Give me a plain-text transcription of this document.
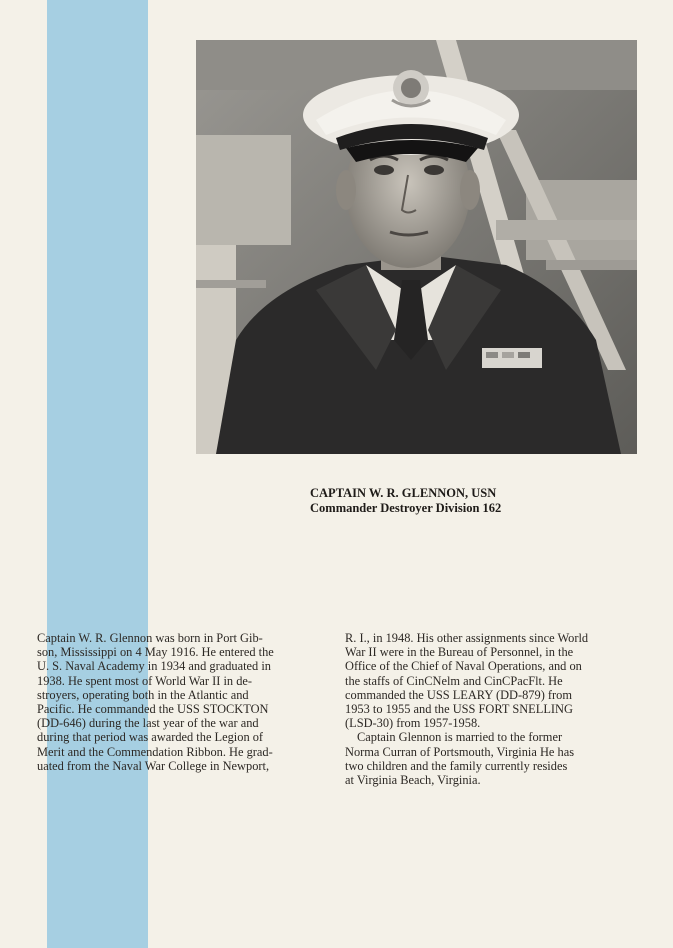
CAPTAIN W. R. GLENNON, USN
Commander Destroyer Division 162
Captain W. R. Glennon was born in Port Gib-
son, Mississippi on 4 May 1916. He entered the
U. S. Naval Academy in 1934 and graduated in
1938. He spent most of World War II in de-
stroyers, operating both in the Atlantic and
Pacific. He commanded the USS STOCKTON
(DD-646) during the last year of the war and
during that period was awarded the Legion of
Merit and the Commendation Ribbon. He grad-
uated from the Naval War College in Newport,
R. I., in 1948. His other assignments since World
War II were in the Bureau of Personnel, in the
Office of the Chief of Naval Operations, and on
the staffs of CinCNelm and CinCPacFlt. He
commanded the USS LEARY (DD-879) from
1953 to 1955 and the USS FORT SNELLING
(LSD-30) from 1957-1958.
Captain Glennon is married to the former
Norma Curran of Portsmouth, Virginia He has
two children and the family currently resides
at Virginia Beach, Virginia.
